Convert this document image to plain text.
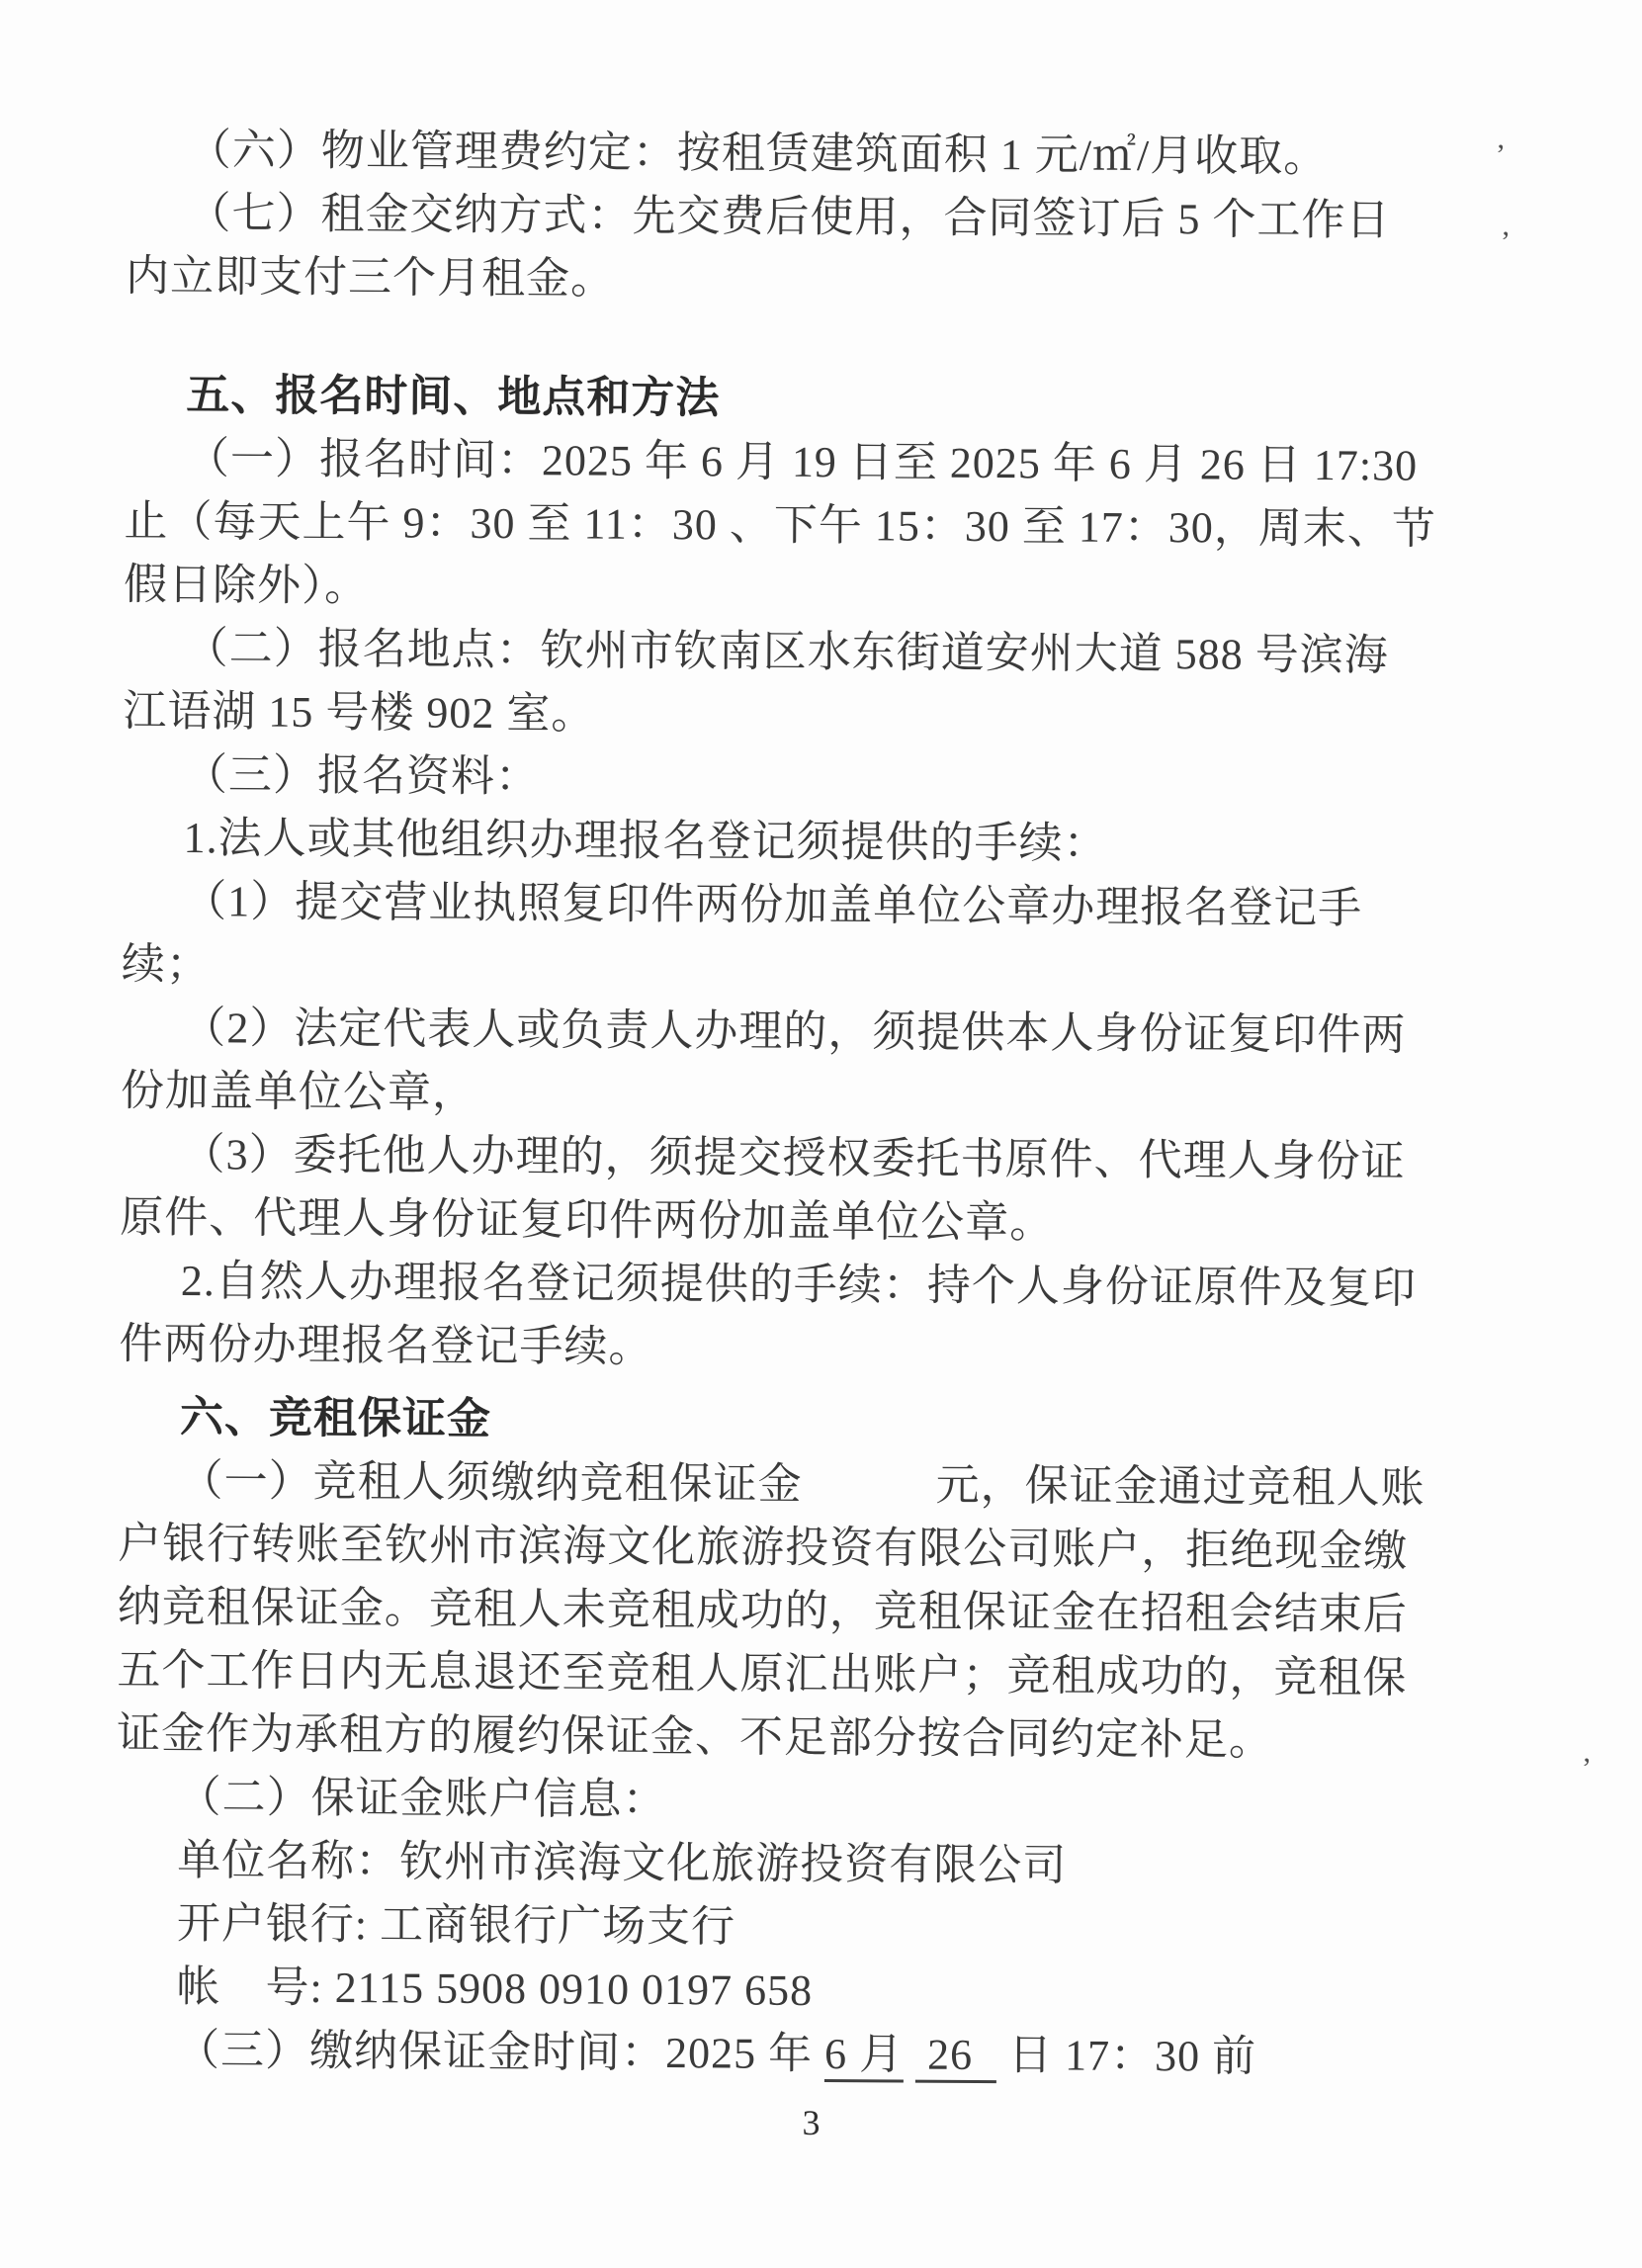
（六）物业管理费约定：按租赁建筑面积 1 元/㎡/月收取。
（七）租金交纳方式：先交费后使用，合同签订后 5 个工作日
内立即支付三个月租金。
五、报名时间、地点和方法
（一）报名时间：2025 年 6 月 19 日至 2025 年 6 月 26 日 17:30
止（每天上午 9：30 至 11：30 、下午 15：30 至 17：30，周末、节
假日除外）。
（二）报名地点：钦州市钦南区水东街道安州大道 588 号滨海
江语湖 15 号楼 902 室。
（三）报名资料：
1.法人或其他组织办理报名登记须提供的手续：
（1）提交营业执照复印件两份加盖单位公章办理报名登记手
续；
（2）法定代表人或负责人办理的，须提供本人身份证复印件两
份加盖单位公章，
（3）委托他人办理的，须提交授权委托书原件、代理人身份证
原件、代理人身份证复印件两份加盖单位公章。
2.自然人办理报名登记须提供的手续：持个人身份证原件及复印
件两份办理报名登记手续。
六、竞租保证金
（一）竞租人须缴纳竞租保证金　　　元，保证金通过竞租人账
户银行转账至钦州市滨海文化旅游投资有限公司账户，拒绝现金缴
纳竞租保证金。竞租人未竞租成功的，竞租保证金在招租会结束后
五个工作日内无息退还至竞租人原汇出账户；竞租成功的，竞租保
证金作为承租方的履约保证金、不足部分按合同约定补足。
（二）保证金账户信息：
单位名称：钦州市滨海文化旅游投资有限公司
开户银行: 工商银行广场支行
帐　号: 2115 5908 0910 0197 658
（三）缴纳保证金时间：2025 年 6 月  26   日 17：30 前
3
’
’
’
